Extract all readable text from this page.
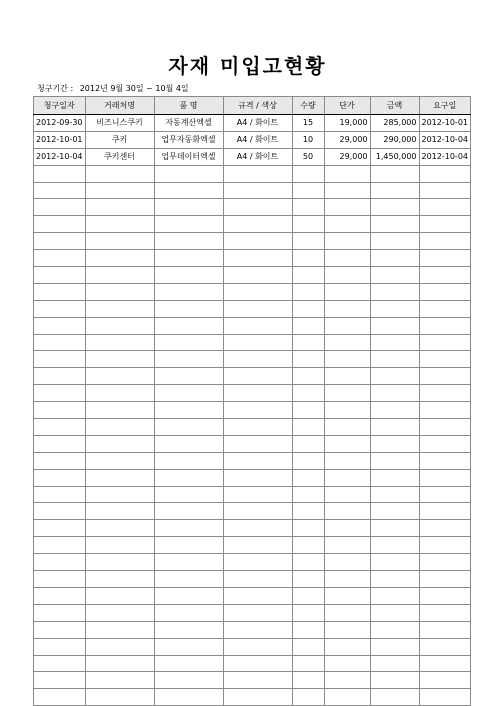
자재 미입고현황
청구기간 : 2012년 9월 30일 ~ 10월 4일
청구일자	거래처명	품 명	규격 / 색상	수량	단가	금액	요구일
2012-09-30	비즈니스쿠키	자동계산엑셀	A4 / 화이트	15	19,000	285,000	2012-10-01
2012-10-01	쿠키	업무자동화엑셀	A4 / 화이트	10	29,000	290,000	2012-10-04
2012-10-04	쿠키센터	업무데이터엑셀	A4 / 화이트	50	29,000	1,450,000	2012-10-04
